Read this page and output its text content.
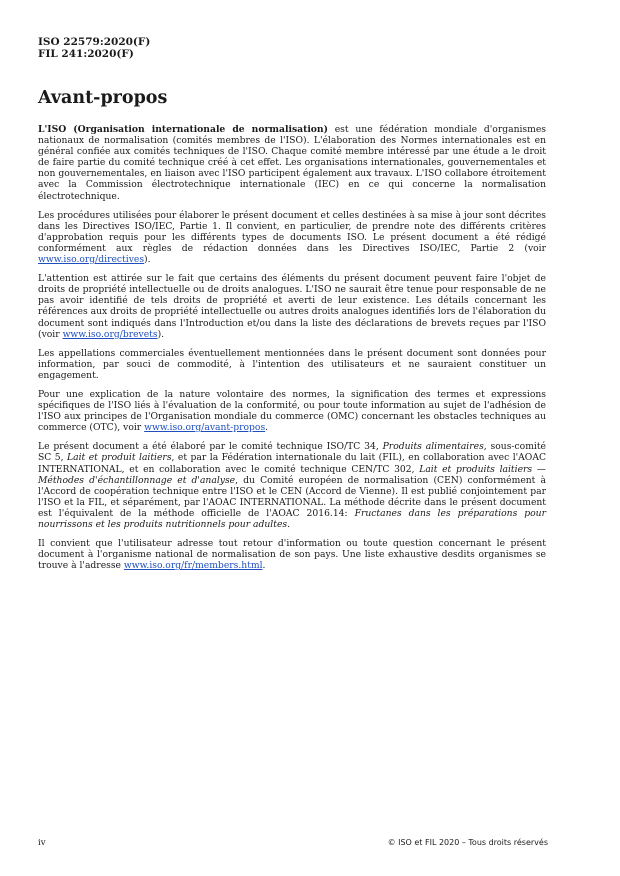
ISO 22579:2020(F)
FIL 241:2020(F)
Avant-propos

L'ISO (Organisation internationale de normalisation) est une fédération mondiale d'organismes nationaux de normalisation (comités membres de l'ISO). L'élaboration des Normes internationales est en général confiée aux comités techniques de l'ISO. Chaque comité membre intéressé par une étude a le droit de faire partie du comité technique créé à cet effet. Les organisations internationales, gouvernementales et non gouvernementales, en liaison avec l'ISO participent également aux travaux. L'ISO collabore étroitement avec la Commission électrotechnique internationale (IEC) en ce qui concerne la normalisation électrotechnique.

Les procédures utilisées pour élaborer le présent document et celles destinées à sa mise à jour sont décrites dans les Directives ISO/IEC, Partie 1. Il convient, en particulier, de prendre note des différents critères d'approbation requis pour les différents types de documents ISO. Le présent document a été rédigé conformément aux règles de rédaction données dans les Directives ISO/IEC, Partie 2 (voir www.iso.org/directives).

L'attention est attirée sur le fait que certains des éléments du présent document peuvent faire l'objet de droits de propriété intellectuelle ou de droits analogues. L'ISO ne saurait être tenue pour responsable de ne pas avoir identifié de tels droits de propriété et averti de leur existence. Les détails concernant les références aux droits de propriété intellectuelle ou autres droits analogues identifiés lors de l'élaboration du document sont indiqués dans l'Introduction et/ou dans la liste des déclarations de brevets reçues par l'ISO (voir www.iso.org/brevets).

Les appellations commerciales éventuellement mentionnées dans le présent document sont données pour information, par souci de commodité, à l'intention des utilisateurs et ne sauraient constituer un engagement.

Pour une explication de la nature volontaire des normes, la signification des termes et expressions spécifiques de l'ISO liés à l'évaluation de la conformité, ou pour toute information au sujet de l'adhésion de l'ISO aux principes de l'Organisation mondiale du commerce (OMC) concernant les obstacles techniques au commerce (OTC), voir www.iso.org/avant-propos.

Le présent document a été élaboré par le comité technique ISO/TC 34, Produits alimentaires, sous-comité SC 5, Lait et produit laitiers, et par la Fédération internationale du lait (FIL), en collaboration avec l'AOAC INTERNATIONAL, et en collaboration avec le comité technique CEN/TC 302, Lait et produits laitiers — Méthodes d'échantillonnage et d'analyse, du Comité européen de normalisation (CEN) conformément à l'Accord de coopération technique entre l'ISO et le CEN (Accord de Vienne). Il est publié conjointement par l'ISO et la FIL, et séparément, par l'AOAC INTERNATIONAL. La méthode décrite dans le présent document est l'équivalent de la méthode officielle de l'AOAC 2016.14: Fructanes dans les préparations pour nourrissons et les produits nutritionnels pour adultes.

Il convient que l'utilisateur adresse tout retour d'information ou toute question concernant le présent document à l'organisme national de normalisation de son pays. Une liste exhaustive desdits organismes se trouve à l'adresse www.iso.org/fr/members.html.

iv	© ISO et FIL 2020 – Tous droits réservés
